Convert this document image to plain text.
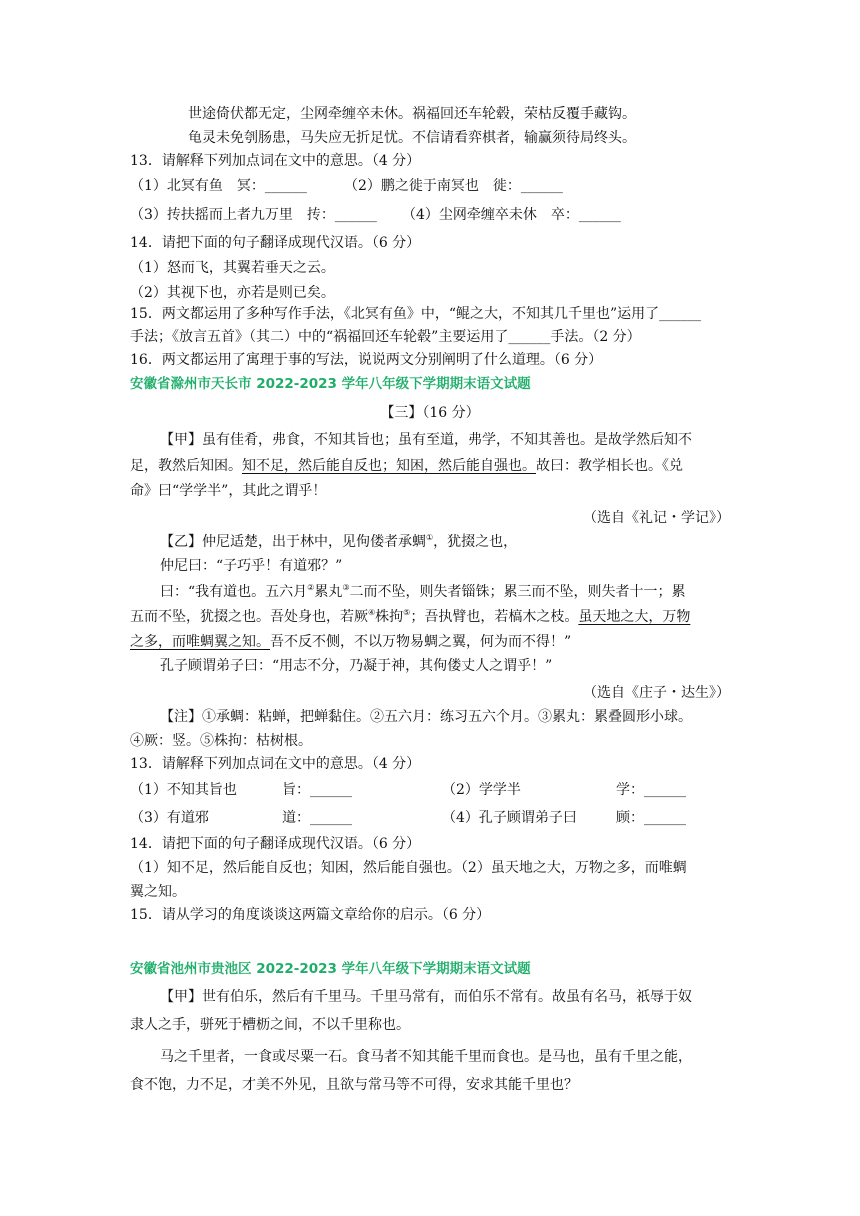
世途倚伏都无定，尘网牵缠卒未休。祸福回还车轮毂，荣枯反覆手藏钩。
龟灵未免刳肠患，马失应无折足忧。不信请看弈棋者，输赢须待局终头。
13．请解释下列加点词在文中的意思。（4 分）
（1）北冥有鱼　冥：______	（2）鹏之徙于南冥也　徙：______
（3）抟扶摇而上者九万里　抟：______ （4）尘网牵缠卒未休　卒：______
14．请把下面的句子翻译成现代汉语。（6 分）
（1）怒而飞，其翼若垂天之云。
（2）其视下也，亦若是则已矣。
15．两文都运用了多种写作手法，《北冥有鱼》中，“鲲之大，不知其几千里也”运用了______
手法；《放言五首》（其二）中的“祸福回还车轮毂”主要运用了______手法。（2 分）
16．两文都运用了寓理于事的写法，说说两文分别阐明了什么道理。（6 分）
安徽省滁州市天长市 2022-2023 学年八年级下学期期末语文试题
【三】（16 分）
【甲】虽有佳肴，弗食，不知其旨也；虽有至道，弗学，不知其善也。是故学然后知不
足，教然后知困。知不足，然后能自反也；知困，然后能自强也。故曰：教学相长也。《兑
命》曰“学学半”，其此之谓乎！
（选自《礼记・学记》）
【乙】仲尼适楚，出于林中，见佝偻者承蜩①，犹掇之也，
仲尼曰：“子巧乎！有道邪？”
曰：“我有道也。五六月②累丸③二而不坠，则失者锱铢；累三而不坠，则失者十一；累
五而不坠，犹掇之也。吾处身也，若厥④株拘⑤；吾执臂也，若槁木之枝。虽天地之大，万物
之多，而唯蜩翼之知。吾不反不侧，不以万物易蜩之翼，何为而不得！”
孔子顾谓弟子曰：“用志不分，乃凝于神，其佝偻丈人之谓乎！”
（选自《庄子・达生》）
【注】①承蜩：粘蝉，把蝉黏住。②五六月：练习五六个月。③累丸：累叠圆形小球。
④厥：竖。⑤株拘：枯树根。
13．请解释下列加点词在文中的意思。（4 分）
（1）不知其旨也	旨：______	（2）学学半	学：______
（3）有道邪	道：______	（4）孔子顾谓弟子曰	顾：______
14．请把下面的句子翻译成现代汉语。（6 分）
（1）知不足，然后能自反也；知困，然后能自强也。（2）虽天地之大，万物之多，而唯蜩
翼之知。
15．请从学习的角度谈谈这两篇文章给你的启示。（6 分）
安徽省池州市贵池区 2022-2023 学年八年级下学期期末语文试题
【甲】世有伯乐，然后有千里马。千里马常有，而伯乐不常有。故虽有名马，祇辱于奴
隶人之手，骈死于槽枥之间，不以千里称也。
马之千里者，一食或尽粟一石。食马者不知其能千里而食也。是马也，虽有千里之能，
食不饱，力不足，才美不外见，且欲与常马等不可得，安求其能千里也？
